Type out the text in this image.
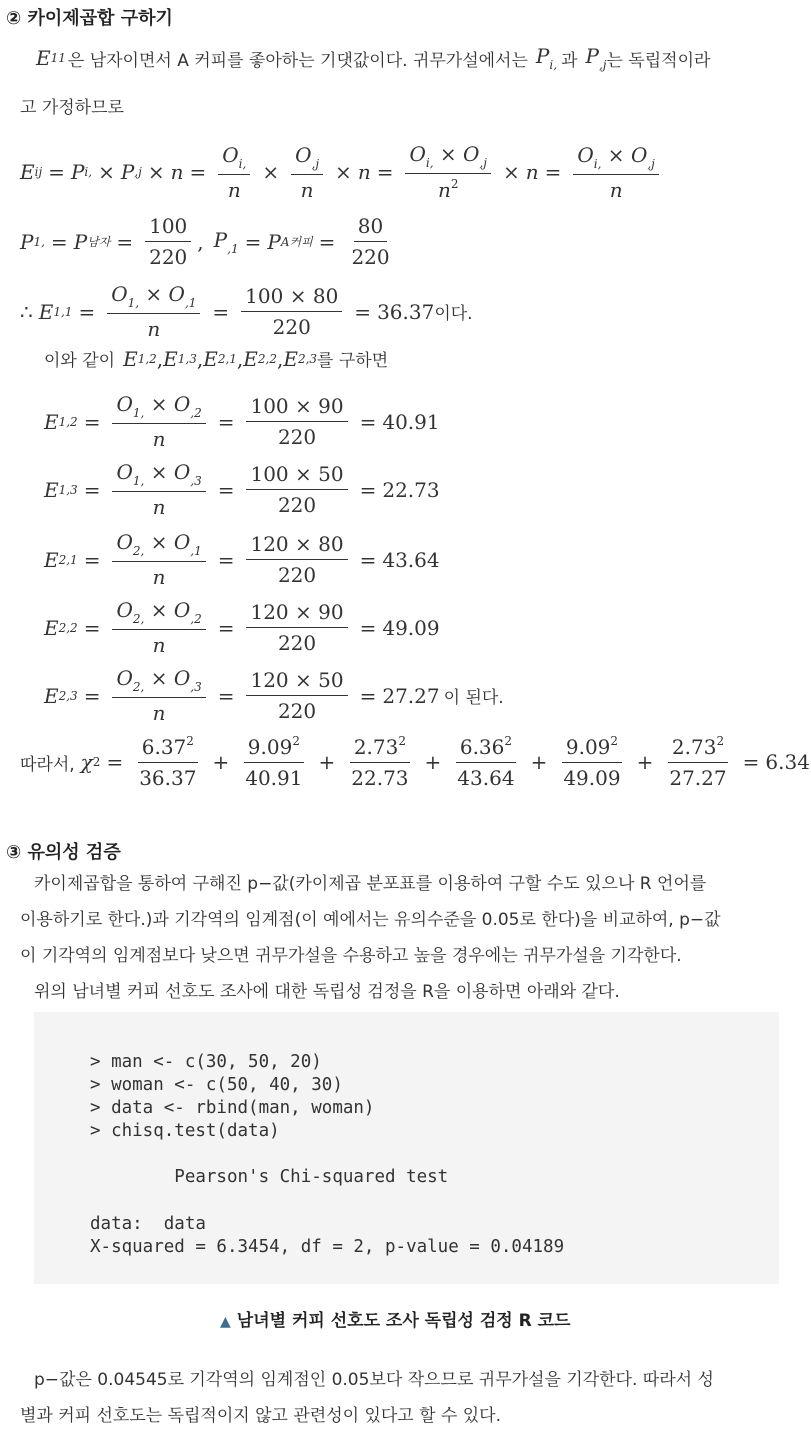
② 카이제곱합 구하기
E 11 은 남자이면서 A 커피를 좋아하는 기댓값이다. 귀무가설에서는 $P_{i,}$ 과 $P_{,j}$ 는 독립적이라
고 가정하므로
E ij = P i, × P $,j \times n = \frac{O_{i,}}{n} \times \frac{O_{,j}}{n} \times n = \frac{O_{i,} \times O_{,j}}{n^2} \times n = \frac{O_{i,} \times O_{,j}}{n}$
P 1, = P 남자 = $\frac{100}{220}$ , $P_{,1} = P$ A커피 = $\frac{80}{220}$
∴ E $1,1 = \frac{O_{1,} \times O_{,1}}{n} = \frac{100 \times 80}{220} = 36.37$ 이다.
이와 같이 E 1,2 , E 1,3 , E 2,1 , E 2,2 , E 2,3 를 구하면
E $1,2 = \frac{O_{1,} \times O_{,2}}{n} = \frac{100 \times 90}{220} = 40.91$
E $1,3 = \frac{O_{1,} \times O_{,3}}{n} = \frac{100 \times 50}{220} = 22.73$
E $2,1 = \frac{O_{2,} \times O_{,1}}{n} = \frac{120 \times 80}{220} = 43.64$
E $2,2 = \frac{O_{2,} \times O_{,2}}{n} = \frac{120 \times 90}{220} = 49.09$
E $2,3 = \frac{O_{2,} \times O_{,3}}{n} = \frac{120 \times 50}{220} = 27.27$ 이 된다.
따라서, χ $2 = \frac{6.37^2}{36.37} + \frac{9.09^2}{40.91} + \frac{2.73^2}{22.73} + \frac{6.36^2}{43.64} + \frac{9.09^2}{49.09} + \frac{2.73^2}{27.27} = 6.34$
③ 유의성 검증
카이제곱합을 통하여 구해진 p−값(카이제곱 분포표를 이용하여 구할 수도 있으나 R 언어를
이용하기로 한다.)과 기각역의 임계점(이 예에서는 유의수준을 0.05로 한다)을 비교하여, p−값
이 기각역의 임계점보다 낮으면 귀무가설을 수용하고 높을 경우에는 귀무가설을 기각한다.
위의 남녀별 커피 선호도 조사에 대한 독립성 검정을 R을 이용하면 아래와 같다.
> man <- c(30, 50, 20)
> woman <- c(50, 40, 30)
> data <- rbind(man, woman)
> chisq.test(data)
Pearson's Chi-squared test
data:  data
X-squared = 6.3454, df = 2, p-value = 0.04189
▲ 남녀별 커피 선호도 조사 독립성 검정 R 코드
p−값은 0.04545로 기각역의 임계점인 0.05보다 작으므로 귀무가설을 기각한다. 따라서 성
별과 커피 선호도는 독립적이지 않고 관련성이 있다고 할 수 있다.
